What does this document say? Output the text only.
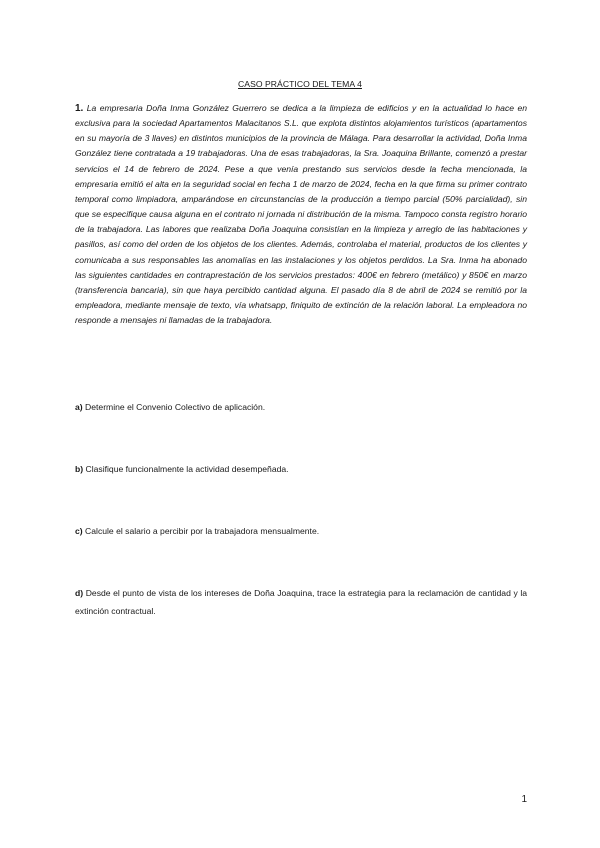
CASO PRÁCTICO DEL TEMA 4

1. La empresaria Doña Inma González Guerrero se dedica a la limpieza de edificios y en la actualidad lo hace en exclusiva para la sociedad Apartamentos Malacitanos S.L. que explota distintos alojamientos turísticos (apartamentos en su mayoría de 3 llaves) en distintos municipios de la provincia de Málaga. Para desarrollar la actividad, Doña Inma González tiene contratada a 19 trabajadoras. Una de esas trabajadoras, la Sra. Joaquina Brillante, comenzó a prestar servicios el 14 de febrero de 2024. Pese a que venía prestando sus servicios desde la fecha mencionada, la empresaria emitió el alta en la seguridad social en fecha 1 de marzo de 2024, fecha en la que firma su primer contrato temporal como limpiadora, amparándose en circunstancias de la producción a tiempo parcial (50% parcialidad), sin que se especifique causa alguna en el contrato ni jornada ni distribución de la misma. Tampoco consta registro horario de la trabajadora. Las labores que realizaba Doña Joaquina consistían en la limpieza y arreglo de las habitaciones y pasillos, así como del orden de los objetos de los clientes. Además, controlaba el material, productos de los clientes y comunicaba a sus responsables las anomalías en las instalaciones y los objetos perdidos. La Sra. Inma ha abonado las siguientes cantidades en contraprestación de los servicios prestados: 400€ en febrero (metálico) y 850€ en marzo (transferencia bancaria), sin que haya percibido cantidad alguna. El pasado día 8 de abril de 2024 se remitió por la empleadora, mediante mensaje de texto, vía whatsapp, finiquito de extinción de la relación laboral. La empleadora no responde a mensajes ni llamadas de la trabajadora.

a) Determine el Convenio Colectivo de aplicación.

b) Clasifique funcionalmente la actividad desempeñada.

c) Calcule el salario a percibir por la trabajadora mensualmente.

d) Desde el punto de vista de los intereses de Doña Joaquina, trace la estrategia para la reclamación de cantidad y la extinción contractual.

1
